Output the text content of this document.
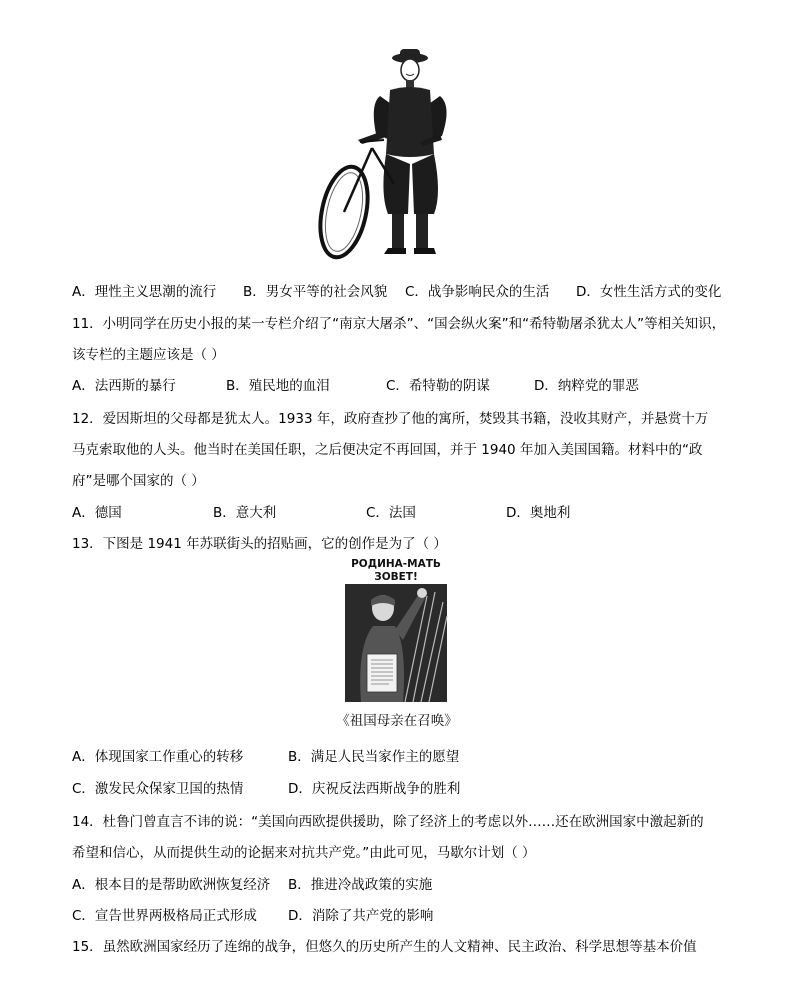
A．理性主义思潮的流行 B．男女平等的社会风貌 C．战争影响民众的生活 D．女性生活方式的变化
11．小明同学在历史小报的某一专栏介绍了“南京大屠杀”、“国会纵火案”和“希特勒屠杀犹太人”等相关知识，
该专栏的主题应该是（ ）
A．法西斯的暴行	B．殖民地的血泪	C．希特勒的阴谋	D．纳粹党的罪恶
12．爱因斯坦的父母都是犹太人。1933 年，政府查抄了他的寓所，焚毁其书籍，没收其财产，并悬赏十万
马克索取他的人头。他当时在美国任职，之后便决定不再回国，并于 1940 年加入美国国籍。材料中的“政
府”是哪个国家的（ ）
A．德国	B．意大利	C．法国	D．奥地利
13．下图是 1941 年苏联街头的招贴画，它的创作是为了（ ）
РОДИНА-МАТЬ
ЗОВЕТ!
《祖国母亲在召唤》
A．体现国家工作重心的转移	B．满足人民当家作主的愿望
C．激发民众保家卫国的热情	D．庆祝反法西斯战争的胜利
14．杜鲁门曾直言不讳的说：“美国向西欧提供援助，除了经济上的考虑以外……还在欧洲国家中激起新的
希望和信心，从而提供生动的论据来对抗共产党。”由此可见，马歇尔计划（ ）
A．根本目的是帮助欧洲恢复经济 B．推进冷战政策的实施
C．宣告世界两极格局正式形成 D．消除了共产党的影响
15．虽然欧洲国家经历了连绵的战争，但悠久的历史所产生的人文精神、民主政治、科学思想等基本价值
